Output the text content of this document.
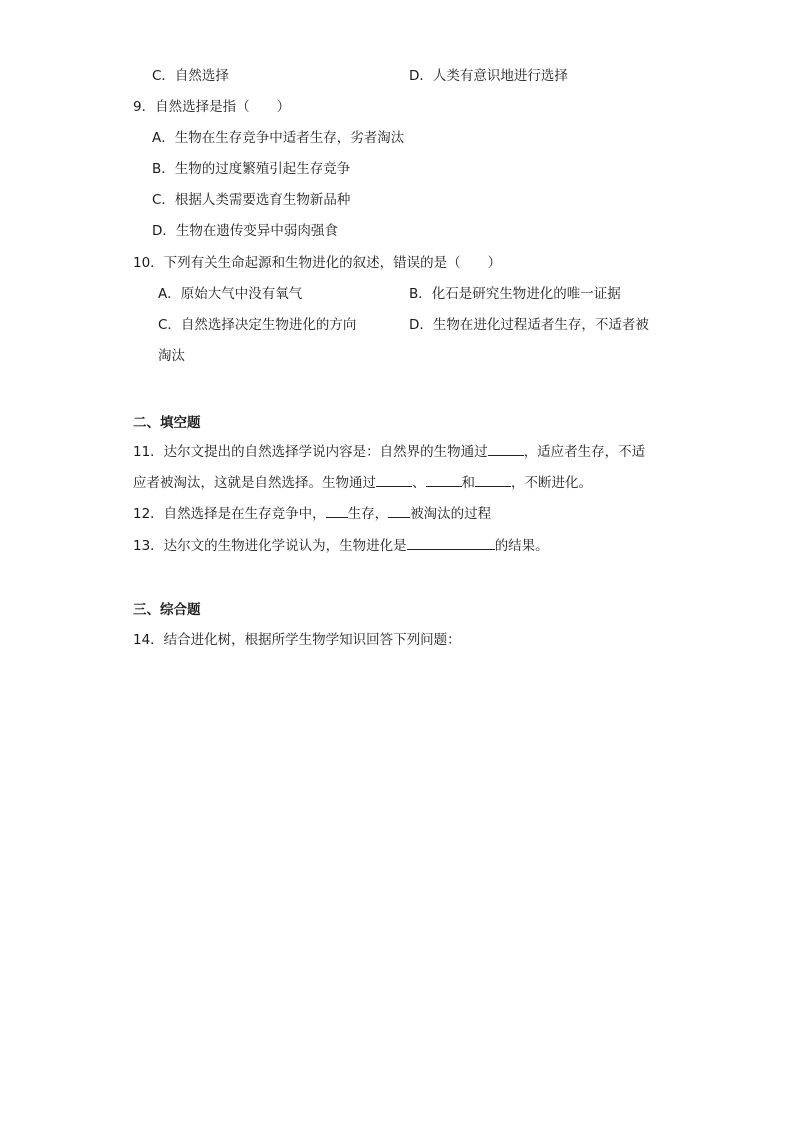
C．自然选择	D．人类有意识地进行选择
9．自然选择是指（　　）
A．生物在生存竞争中适者生存，劣者淘汰
B．生物的过度繁殖引起生存竞争
C．根据人类需要选育生物新品种
D．生物在遗传变异中弱肉强食
10．下列有关生命起源和生物进化的叙述，错误的是（　　）
A．原始大气中没有氧气	B．化石是研究生物进化的唯一证据
C．自然选择决定生物进化的方向	D．生物在进化过程适者生存，不适者被
淘汰
二、填空题
11．达尔文提出的自然选择学说内容是：自然界的生物通过	，适应者生存，不适
应者被淘汰，这就是自然选择。生物通过	、	和	，不断进化。
12．自然选择是在生存竞争中， 生存， 被淘汰的过程
13．达尔文的生物进化学说认为，生物进化是	的结果。
三、综合题
14．结合进化树，根据所学生物学知识回答下列问题：
